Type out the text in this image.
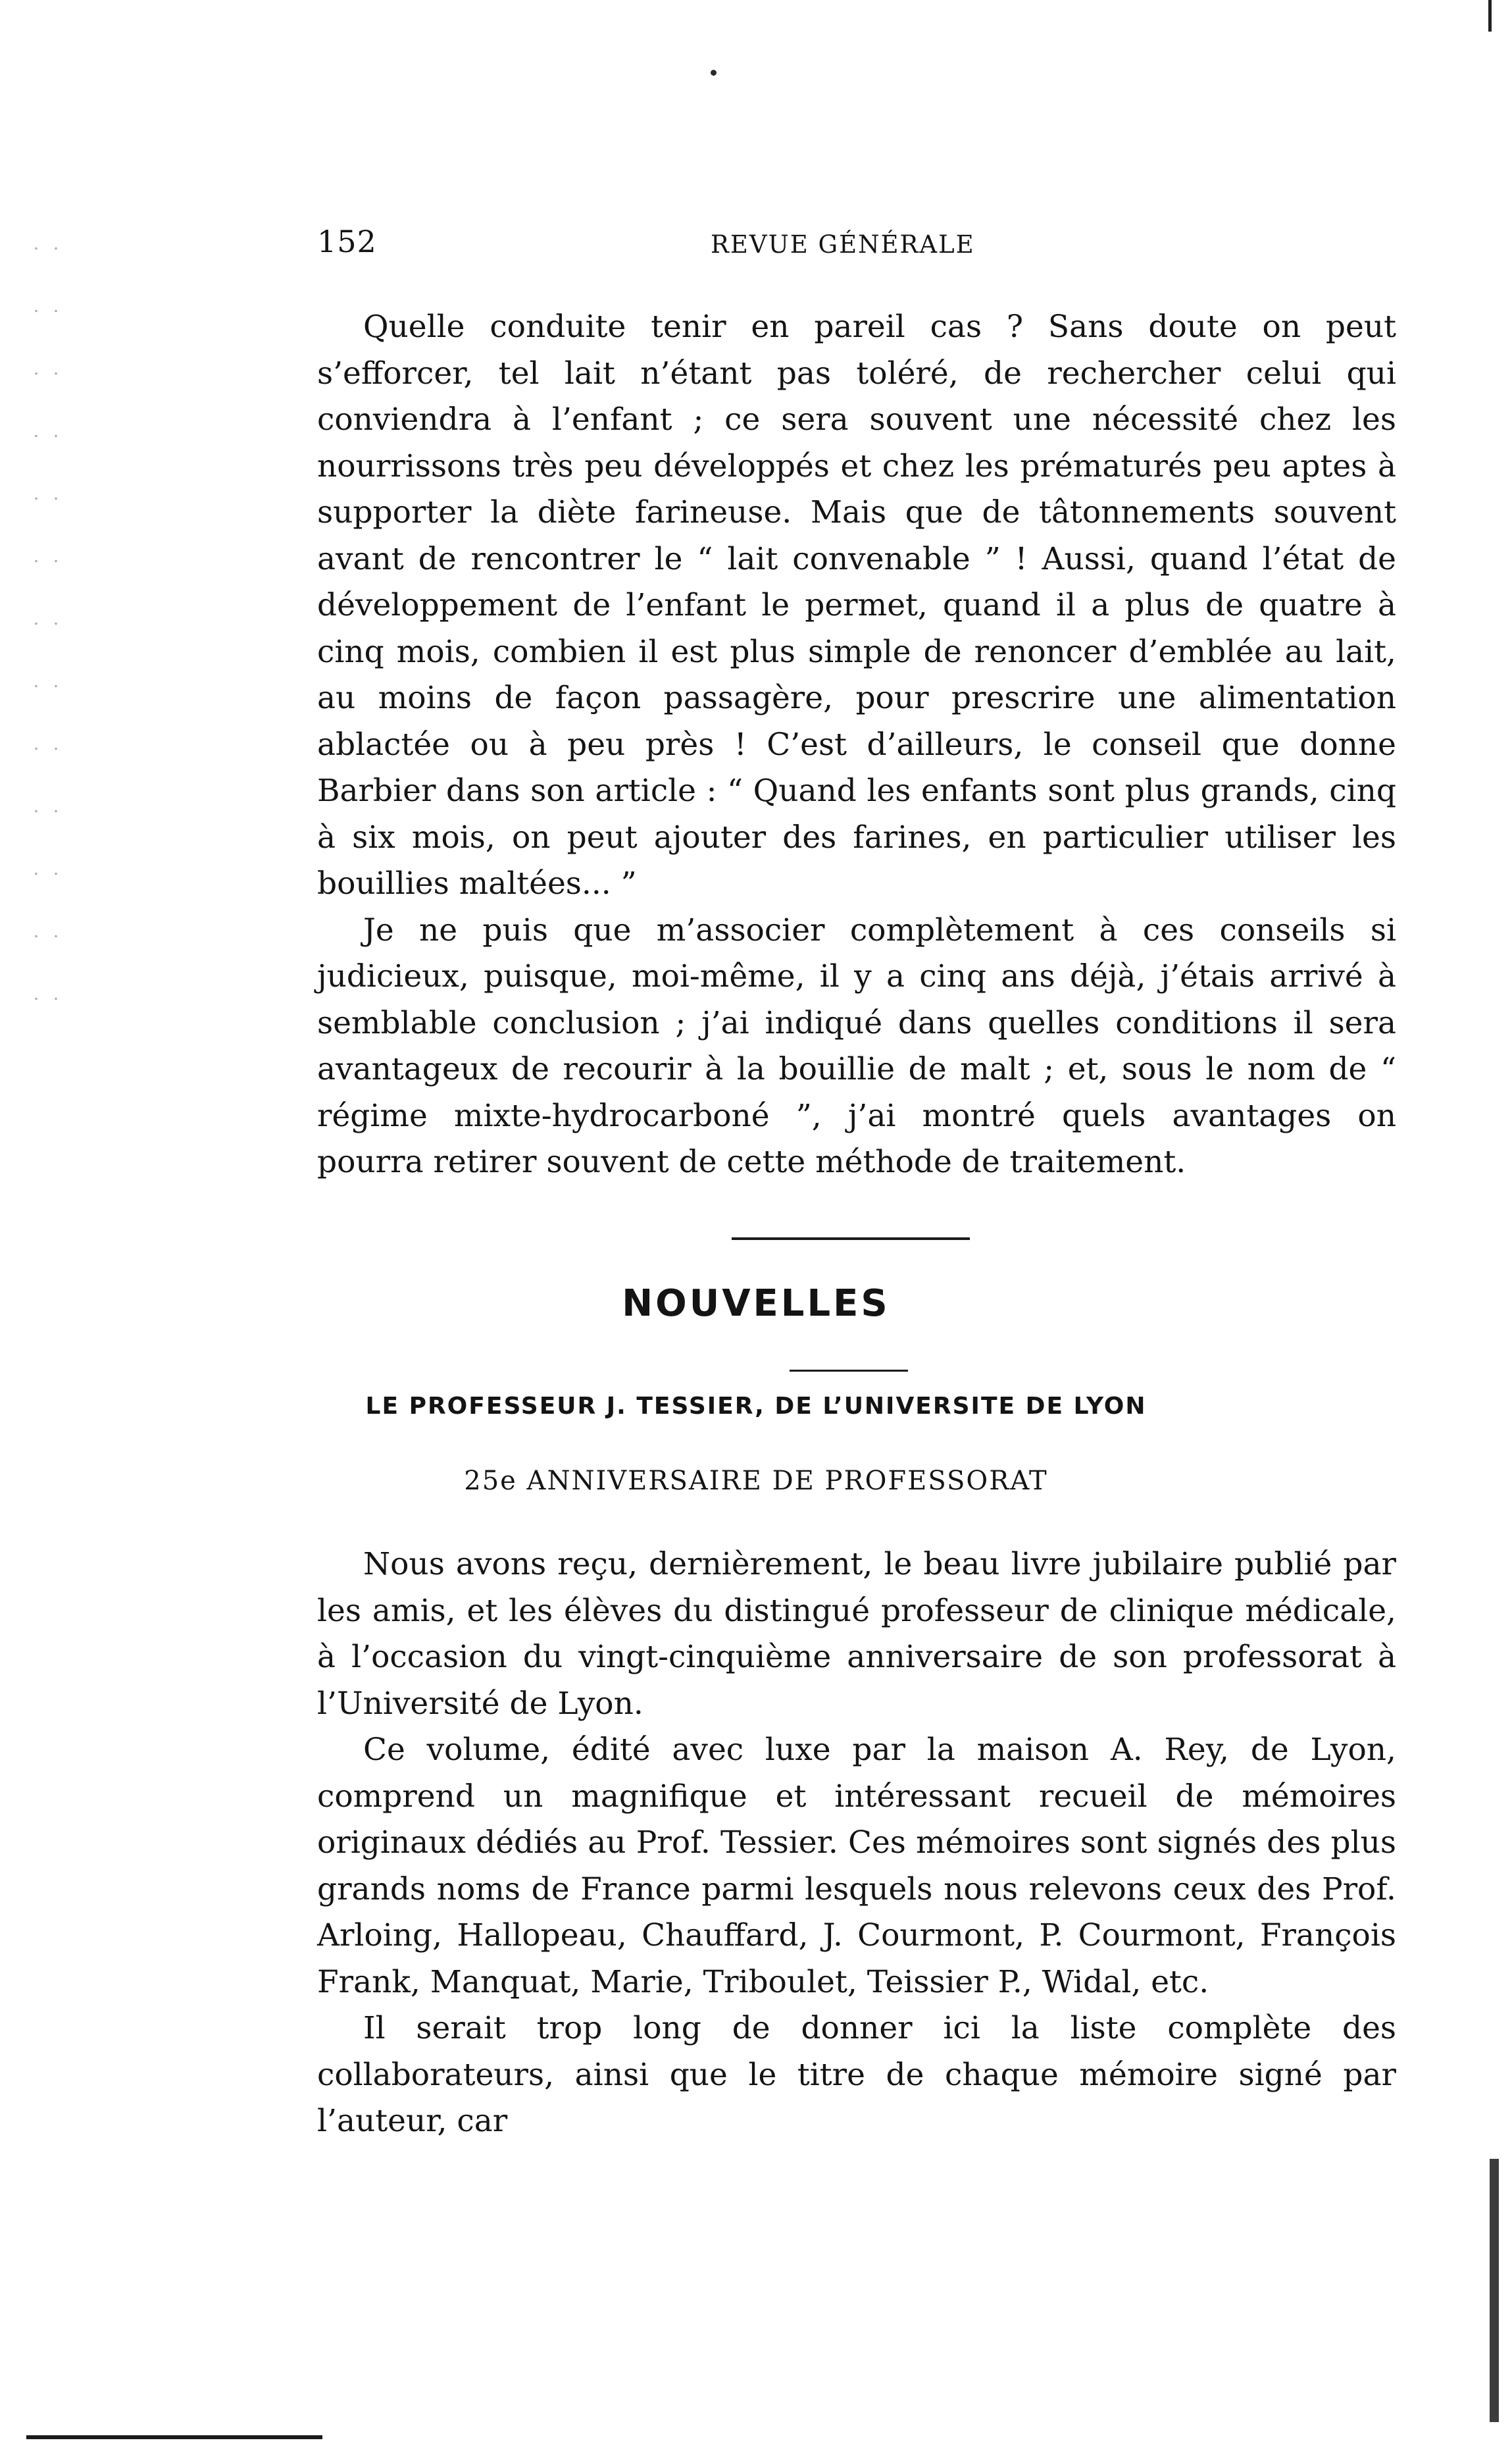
152	REVUE GÉNÉRALE

Quelle conduite tenir en pareil cas ? Sans doute on peut s’efforcer, tel lait n’étant pas toléré, de rechercher celui qui conviendra à l’enfant ; ce sera souvent une nécessité chez les nourrissons très peu développés et chez les prématurés peu aptes à supporter la diète farineuse. Mais que de tâtonnements souvent avant de rencontrer le “ lait convenable ” ! Aussi, quand l’état de développement de l’enfant le permet, quand il a plus de quatre à cinq mois, combien il est plus simple de renoncer d’emblée au lait, au moins de façon passagère, pour prescrire une alimentation ablactée ou à peu près ! C’est d’ailleurs, le conseil que donne Barbier dans son article : “ Quand les enfants sont plus grands, cinq à six mois, on peut ajouter des farines, en particulier utiliser les bouillies maltées... ”

Je ne puis que m’associer complètement à ces conseils si judicieux, puisque, moi-même, il y a cinq ans déjà, j’étais arrivé à semblable conclusion ; j’ai indiqué dans quelles conditions il sera avantageux de recourir à la bouillie de malt ; et, sous le nom de “ régime mixte-hydrocarboné ”, j’ai montré quels avantages on pourra retirer souvent de cette méthode de traitement.

NOUVELLES
LE PROFESSEUR J. TESSIER, DE L’UNIVERSITE DE LYON
25e ANNIVERSAIRE DE PROFESSORAT

Nous avons reçu, dernièrement, le beau livre jubilaire publié par les amis, et les élèves du distingué professeur de clinique médicale, à l’occasion du vingt-cinquième anniversaire de son professorat à l’Université de Lyon.

Ce volume, édité avec luxe par la maison A. Rey, de Lyon, comprend un magnifique et intéressant recueil de mémoires originaux dédiés au Prof. Tessier. Ces mémoires sont signés des plus grands noms de France parmi lesquels nous relevons ceux des Prof. Arloing, Hallopeau, Chauffard, J. Courmont, P. Courmont, François Frank, Manquat, Marie, Triboulet, Teissier P., Widal, etc.

Il serait trop long de donner ici la liste complète des collaborateurs, ainsi que le titre de chaque mémoire signé par l’auteur, car
